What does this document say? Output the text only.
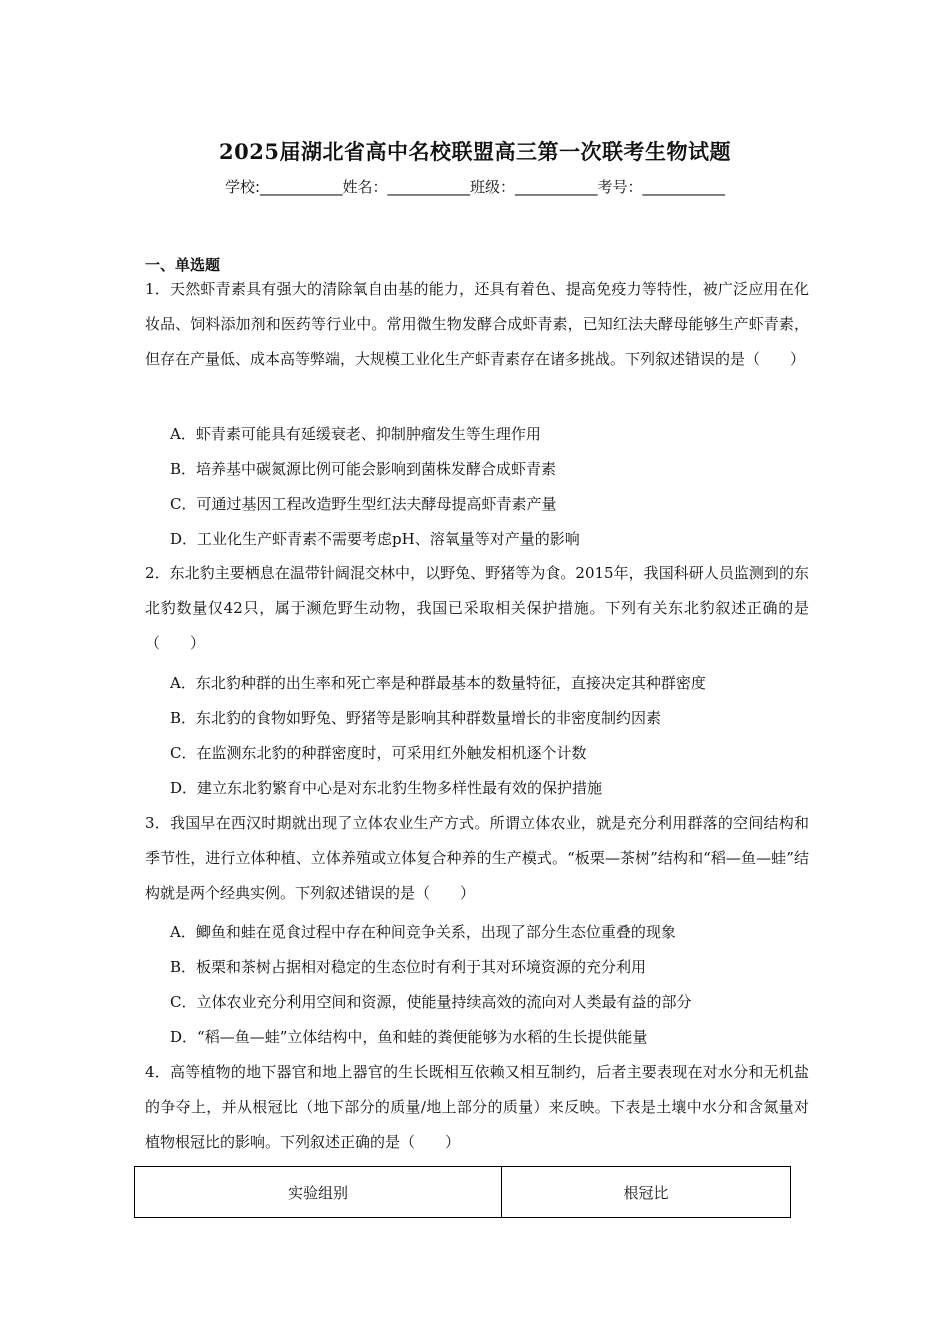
2025届湖北省高中名校联盟高三第一次联考生物试题
学校:___________姓名：___________班级：___________考号：___________
一、单选题
1．天然虾青素具有强大的清除氧自由基的能力，还具有着色、提高免疫力等特性，被广泛应用在化妆品、饲料添加剂和医药等行业中。常用微生物发酵合成虾青素，已知红法夫酵母能够生产虾青素，但存在产量低、成本高等弊端，大规模工业化生产虾青素存在诸多挑战。下列叙述错误的是（　　）
A．虾青素可能具有延缓衰老、抑制肿瘤发生等生理作用
B．培养基中碳氮源比例可能会影响到菌株发酵合成虾青素
C．可通过基因工程改造野生型红法夫酵母提高虾青素产量
D．工业化生产虾青素不需要考虑pH、溶氧量等对产量的影响
2．东北豹主要栖息在温带针阔混交林中，以野兔、野猪等为食。2015年，我国科研人员监测到的东北豹数量仅42只，属于濒危野生动物，我国已采取相关保护措施。下列有关东北豹叙述正确的是（　　）
A．东北豹种群的出生率和死亡率是种群最基本的数量特征，直接决定其种群密度
B．东北豹的食物如野兔、野猪等是影响其种群数量增长的非密度制约因素
C．在监测东北豹的种群密度时，可采用红外触发相机逐个计数
D．建立东北豹繁育中心是对东北豹生物多样性最有效的保护措施
3．我国早在西汉时期就出现了立体农业生产方式。所谓立体农业，就是充分利用群落的空间结构和季节性，进行立体种植、立体养殖或立体复合种养的生产模式。“板栗—茶树”结构和“稻—鱼—蛙”结构就是两个经典实例。下列叙述错误的是（　　）
A．鲫鱼和蛙在觅食过程中存在种间竞争关系，出现了部分生态位重叠的现象
B．板栗和茶树占据相对稳定的生态位时有利于其对环境资源的充分利用
C．立体农业充分利用空间和资源，使能量持续高效的流向对人类最有益的部分
D．“稻—鱼—蛙”立体结构中，鱼和蛙的粪便能够为水稻的生长提供能量
4．高等植物的地下器官和地上器官的生长既相互依赖又相互制约，后者主要表现在对水分和无机盐的争夺上，并从根冠比（地下部分的质量/地上部分的质量）来反映。下表是土壤中水分和含氮量对植物根冠比的影响。下列叙述正确的是（　　）
实验组别	根冠比
